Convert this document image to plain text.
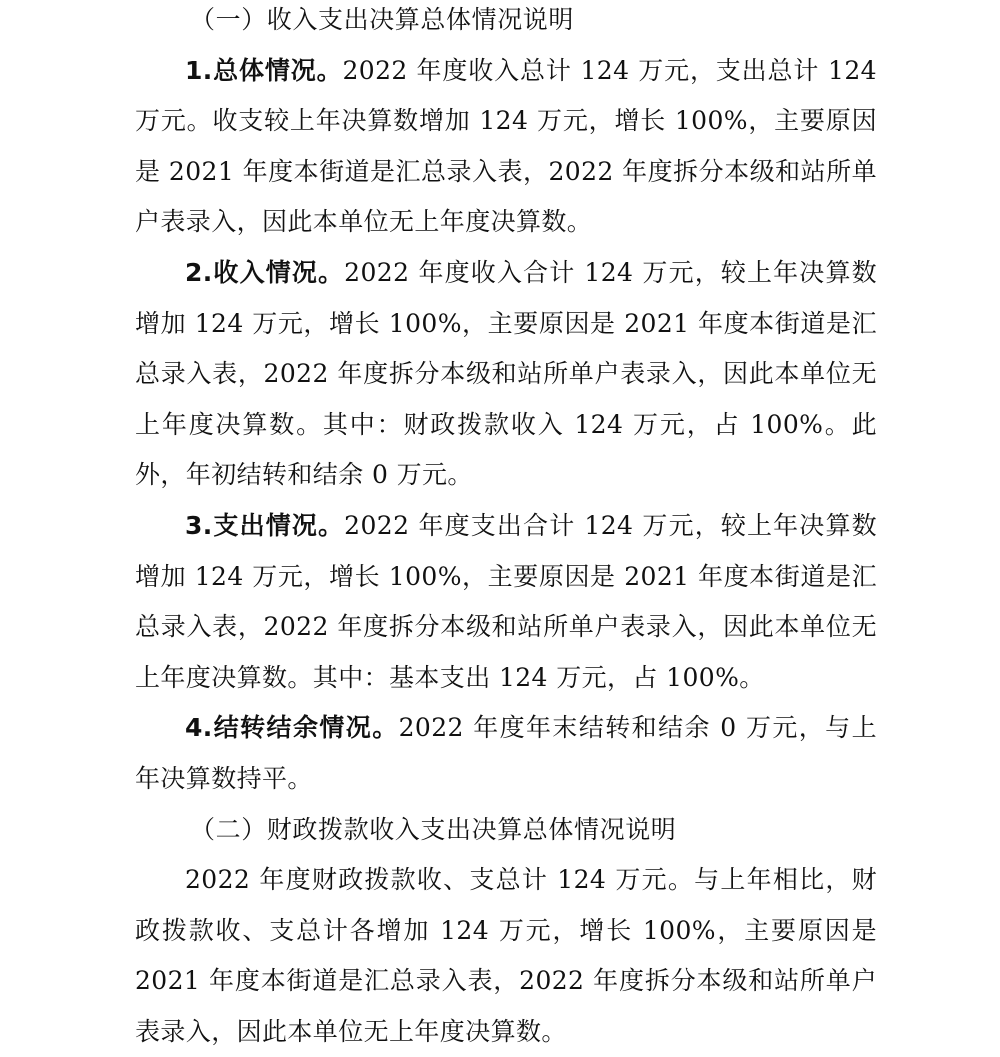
（一）收入支出决算总体情况说明

1.总体情况。2022 年度收入总计 124 万元，支出总计 124 万元。收支较上年决算数增加 124 万元，增长 100%，主要原因是 2021 年度本街道是汇总录入表，2022 年度拆分本级和站所单户表录入，因此本单位无上年度决算数。

2.收入情况。2022 年度收入合计 124 万元，较上年决算数增加 124 万元，增长 100%，主要原因是 2021 年度本街道是汇总录入表，2022 年度拆分本级和站所单户表录入，因此本单位无上年度决算数。其中：财政拨款收入 124 万元，占 100%。此外，年初结转和结余 0 万元。

3.支出情况。2022 年度支出合计 124 万元，较上年决算数增加 124 万元，增长 100%，主要原因是 2021 年度本街道是汇总录入表，2022 年度拆分本级和站所单户表录入，因此本单位无上年度决算数。其中：基本支出 124 万元，占 100%。

4.结转结余情况。2022 年度年末结转和结余 0 万元，与上年决算数持平。

（二）财政拨款收入支出决算总体情况说明

2022 年度财政拨款收、支总计 124 万元。与上年相比，财政拨款收、支总计各增加 124 万元，增长 100%，主要原因是 2021 年度本街道是汇总录入表，2022 年度拆分本级和站所单户表录入，因此本单位无上年度决算数。
